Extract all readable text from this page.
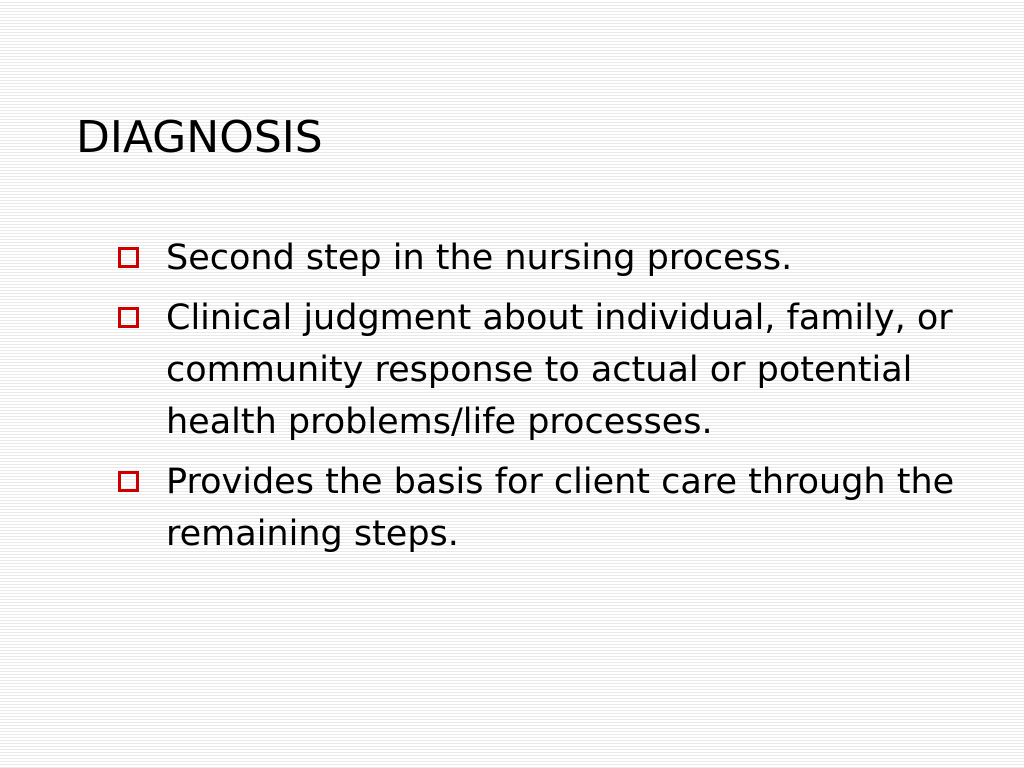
DIAGNOSIS
Second step in the nursing process.
Clinical judgment about individual, family, or community response to actual or potential health problems/life processes.
Provides the basis for client care through the remaining steps.
